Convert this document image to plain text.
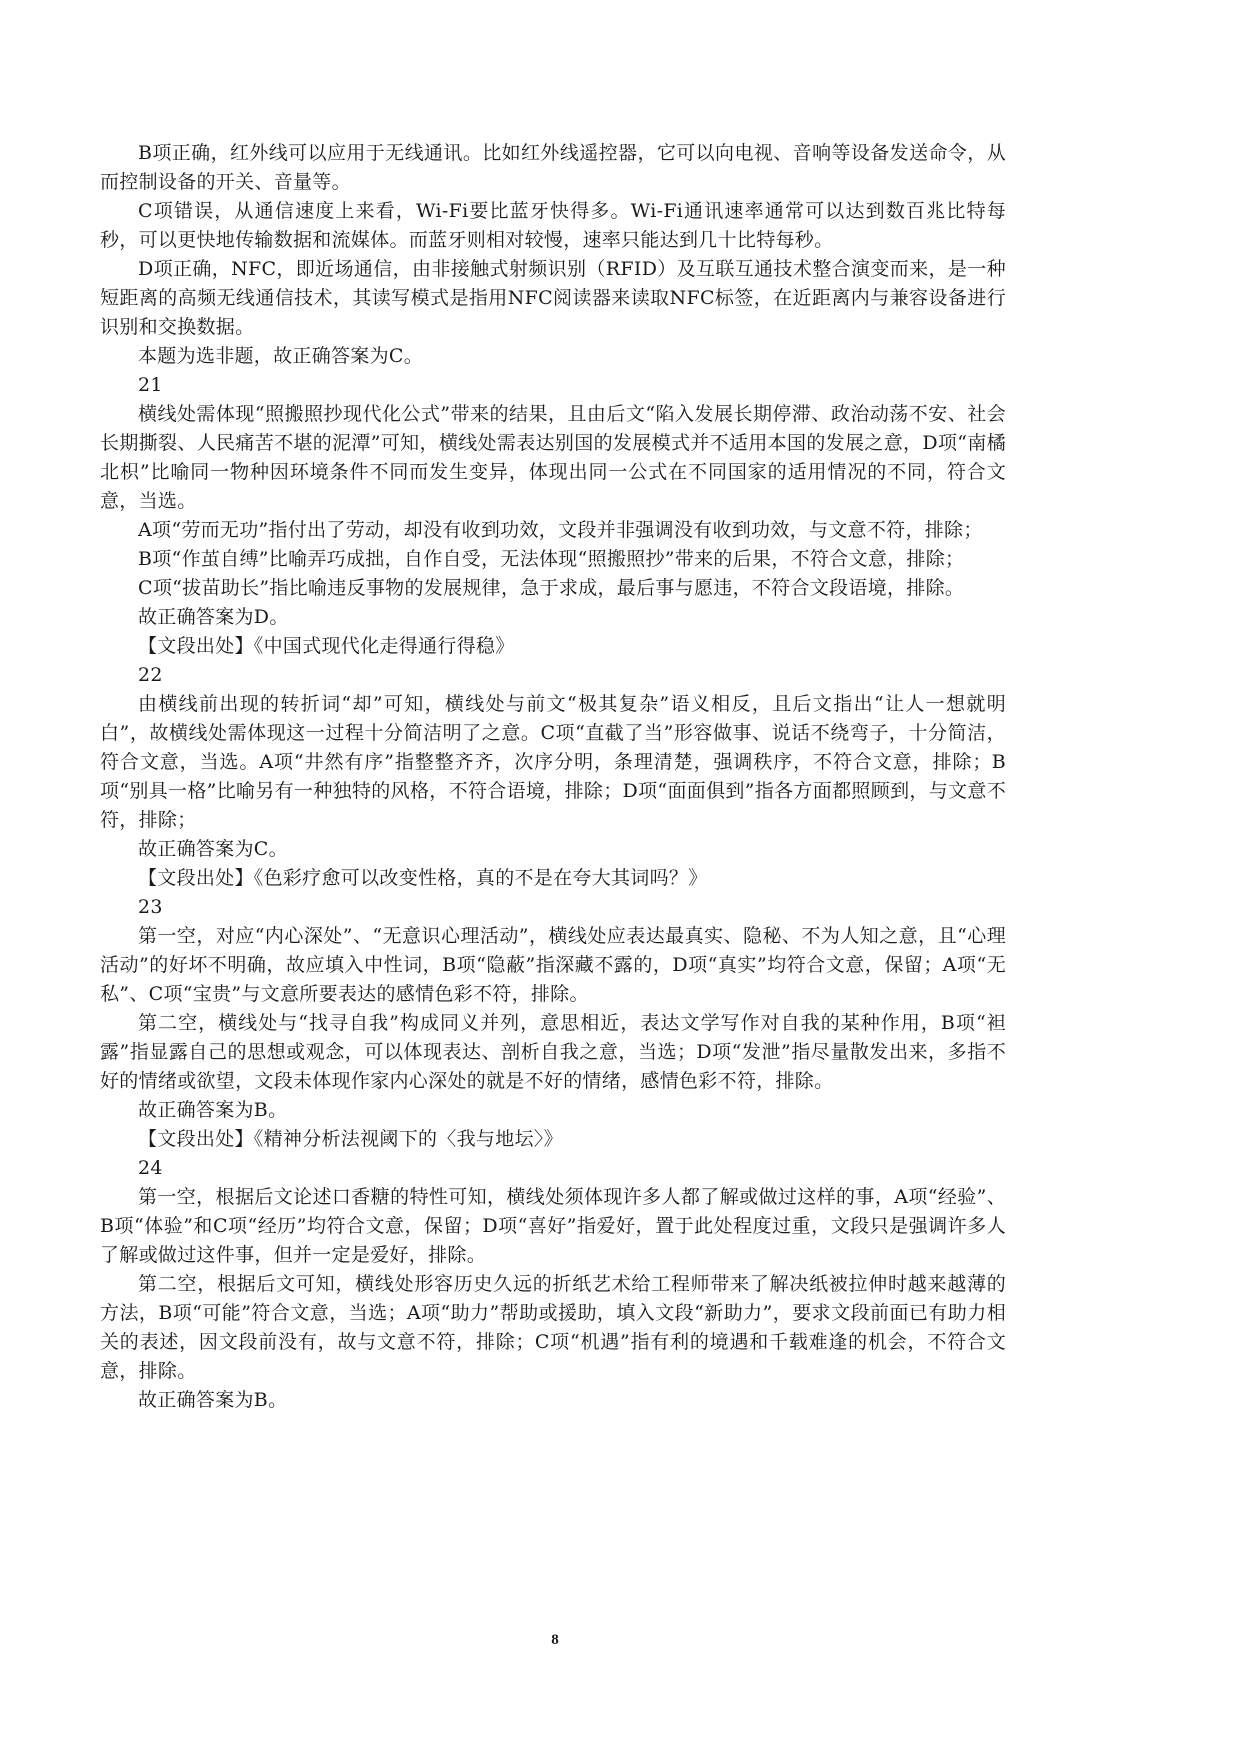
B项正确，红外线可以应用于无线通讯。比如红外线遥控器，它可以向电视、音响等设备发送命令，从而控制设备的开关、音量等。

C项错误，从通信速度上来看，Wi-Fi要比蓝牙快得多。Wi-Fi通讯速率通常可以达到数百兆比特每秒，可以更快地传输数据和流媒体。而蓝牙则相对较慢，速率只能达到几十比特每秒。

D项正确，NFC，即近场通信，由非接触式射频识别（RFID）及互联互通技术整合演变而来，是一种短距离的高频无线通信技术，其读写模式是指用NFC阅读器来读取NFC标签，在近距离内与兼容设备进行识别和交换数据。

本题为选非题，故正确答案为C。

21

横线处需体现“照搬照抄现代化公式”带来的结果，且由后文“陷入发展长期停滞、政治动荡不安、社会长期撕裂、人民痛苦不堪的泥潭”可知，横线处需表达别国的发展模式并不适用本国的发展之意，D项“南橘北枳”比喻同一物种因环境条件不同而发生变异，体现出同一公式在不同国家的适用情况的不同，符合文意，当选。

A项“劳而无功”指付出了劳动，却没有收到功效，文段并非强调没有收到功效，与文意不符，排除；

B项“作茧自缚”比喻弄巧成拙，自作自受，无法体现“照搬照抄”带来的后果，不符合文意，排除；

C项“拔苗助长”指比喻违反事物的发展规律，急于求成，最后事与愿违，不符合文段语境，排除。

故正确答案为D。

【文段出处】《中国式现代化走得通行得稳》

22

由横线前出现的转折词“却”可知，横线处与前文“极其复杂”语义相反，且后文指出“让人一想就明白”，故横线处需体现这一过程十分简洁明了之意。C项“直截了当”形容做事、说话不绕弯子，十分简洁，符合文意，当选。A项“井然有序”指整整齐齐，次序分明，条理清楚，强调秩序，不符合文意，排除；B项“别具一格”比喻另有一种独特的风格，不符合语境，排除；D项“面面俱到”指各方面都照顾到，与文意不符，排除；

故正确答案为C。

【文段出处】《色彩疗愈可以改变性格，真的不是在夸大其词吗？》

23

第一空，对应“内心深处”、“无意识心理活动”，横线处应表达最真实、隐秘、不为人知之意，且“心理活动”的好坏不明确，故应填入中性词，B项“隐蔽”指深藏不露的，D项“真实”均符合文意，保留；A项“无私”、C项“宝贵”与文意所要表达的感情色彩不符，排除。

第二空，横线处与“找寻自我”构成同义并列，意思相近，表达文学写作对自我的某种作用，B项“袒露”指显露自己的思想或观念，可以体现表达、剖析自我之意，当选；D项“发泄”指尽量散发出来，多指不好的情绪或欲望，文段未体现作家内心深处的就是不好的情绪，感情色彩不符，排除。

故正确答案为B。

【文段出处】《精神分析法视阈下的〈我与地坛〉》

24

第一空，根据后文论述口香糖的特性可知，横线处须体现许多人都了解或做过这样的事，A项“经验”、B项“体验”和C项“经历”均符合文意，保留；D项“喜好”指爱好，置于此处程度过重，文段只是强调许多人了解或做过这件事，但并一定是爱好，排除。

第二空，根据后文可知，横线处形容历史久远的折纸艺术给工程师带来了解决纸被拉伸时越来越薄的方法，B项“可能”符合文意，当选；A项“助力”帮助或援助，填入文段“新助力”，要求文段前面已有助力相关的表述，因文段前没有，故与文意不符，排除；C项“机遇”指有利的境遇和千载难逢的机会，不符合文意，排除。

故正确答案为B。

8
